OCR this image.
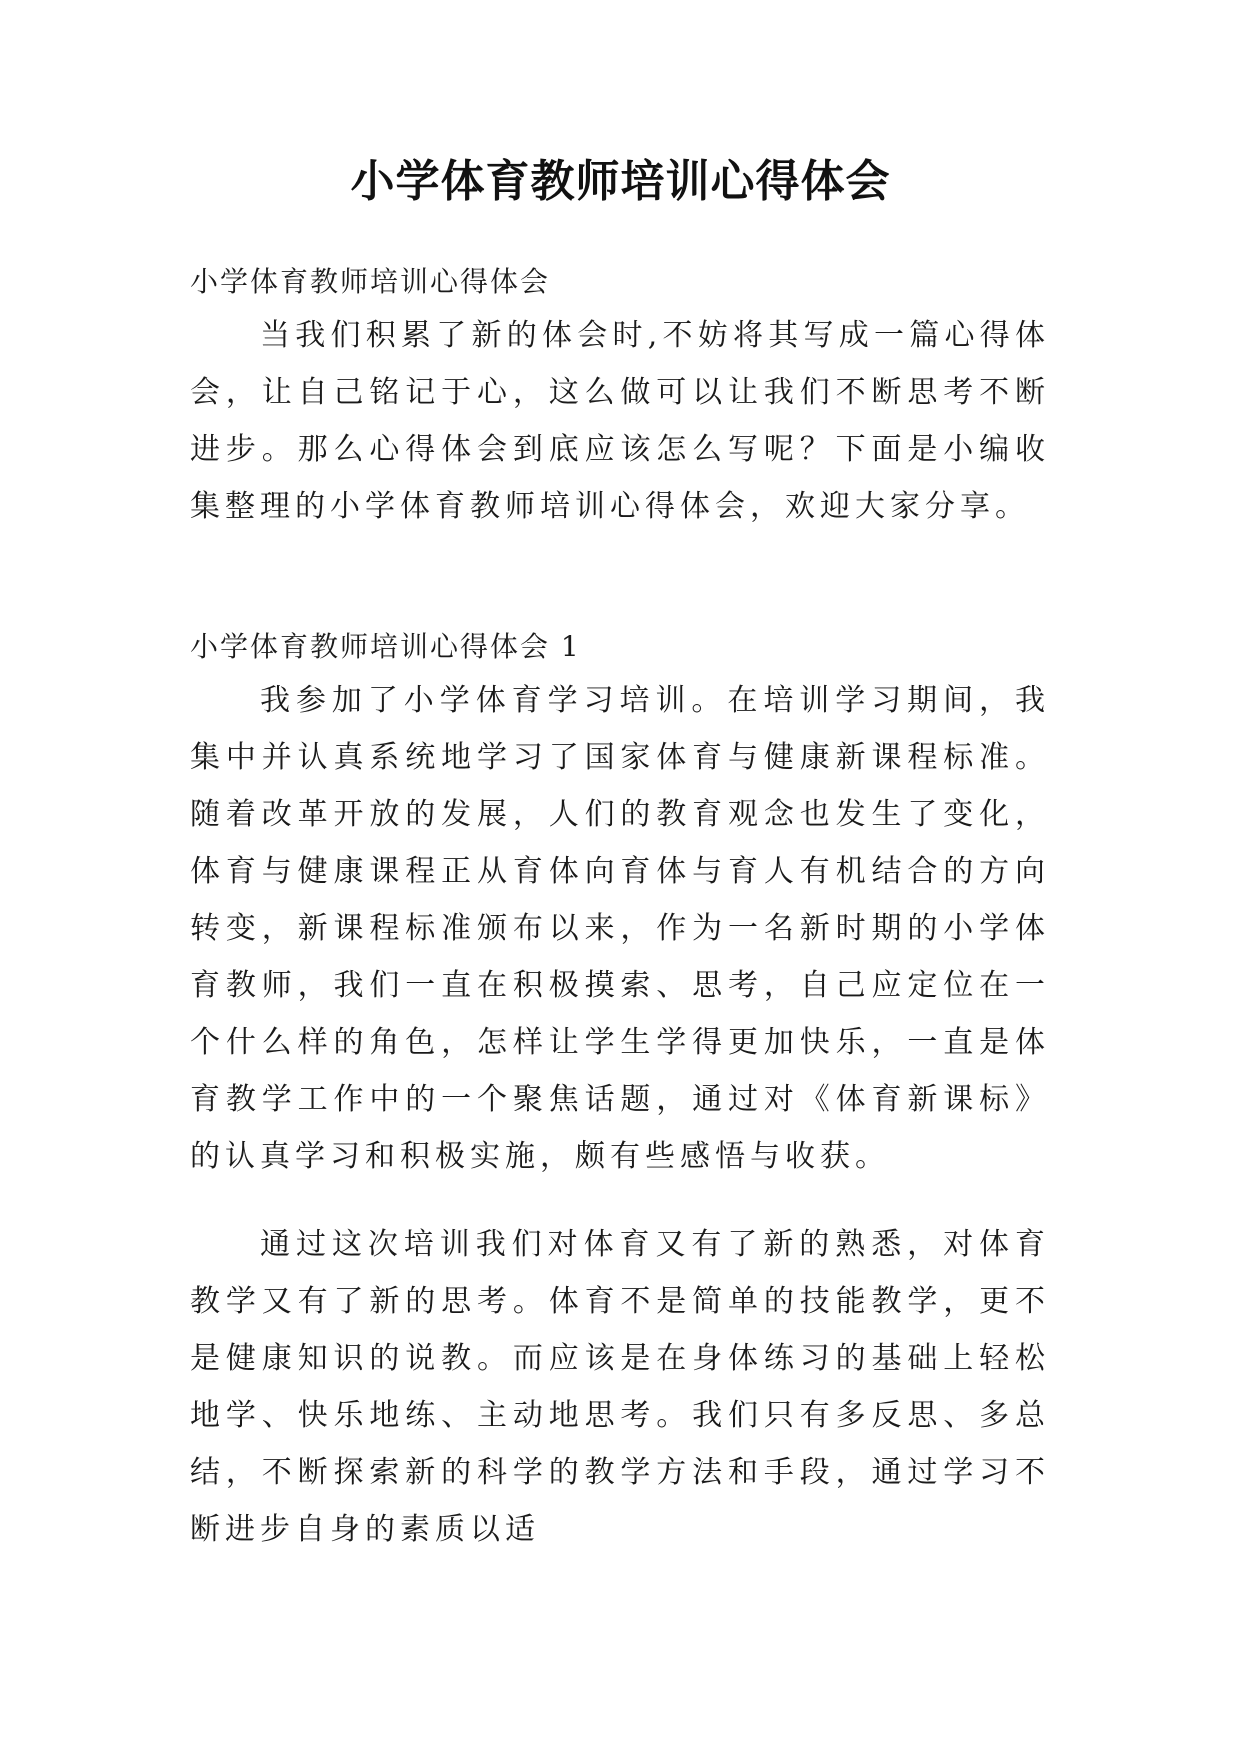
小学体育教师培训心得体会
小学体育教师培训心得体会

当我们积累了新的体会时,不妨将其写成一篇心得体会，让自己铭记于心，这么做可以让我们不断思考不断进步。那么心得体会到底应该怎么写呢？下面是小编收集整理的小学体育教师培训心得体会，欢迎大家分享。

小学体育教师培训心得体会 1

我参加了小学体育学习培训。在培训学习期间，我集中并认真系统地学习了国家体育与健康新课程标准。随着改革开放的发展，人们的教育观念也发生了变化，体育与健康课程正从育体向育体与育人有机结合的方向转变，新课程标准颁布以来，作为一名新时期的小学体育教师，我们一直在积极摸索、思考，自己应定位在一个什么样的角色，怎样让学生学得更加快乐，一直是体育教学工作中的一个聚焦话题，通过对《体育新课标》的认真学习和积极实施，颇有些感悟与收获。

通过这次培训我们对体育又有了新的熟悉，对体育教学又有了新的思考。体育不是简单的技能教学，更不是健康知识的说教。而应该是在身体练习的基础上轻松地学、快乐地练、主动地思考。我们只有多反思、多总结，不断探索新的科学的教学方法和手段，通过学习不断进步自身的素质以适
